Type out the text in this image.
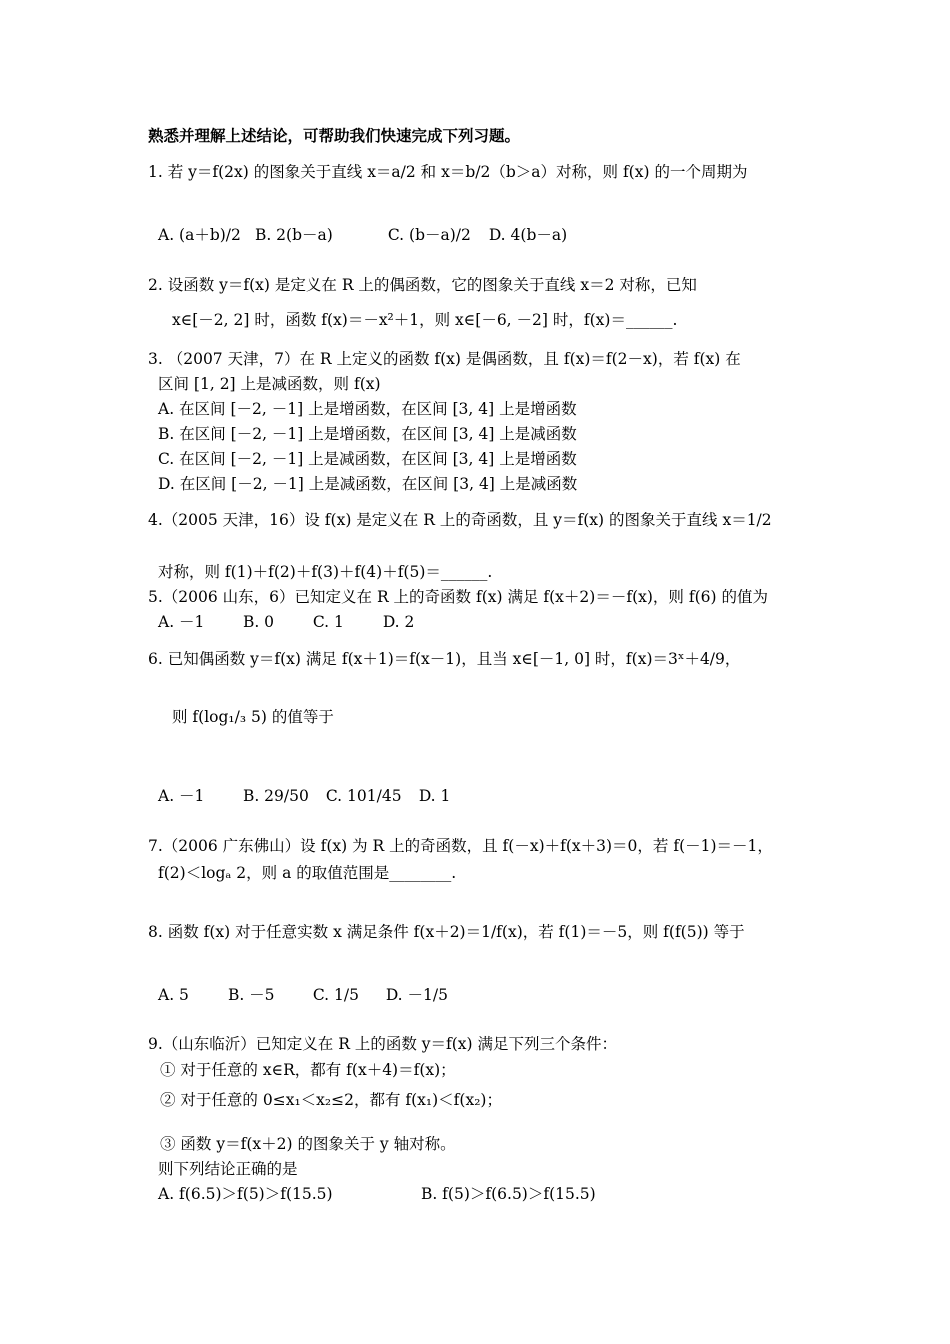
熟悉并理解上述结论，可帮助我们快速完成下列习题。
1. 若 y＝f(2x) 的图象关于直线 x＝a/2 和 x＝b/2（b＞a）对称，则 f(x) 的一个周期为
A. (a＋b)/2 B. 2(b－a)	C. (b－a)/2 D. 4(b－a)
2. 设函数 y＝f(x) 是定义在 R 上的偶函数，它的图象关于直线 x＝2 对称，已知
x∈[－2, 2] 时，函数 f(x)＝－x²＋1，则 x∈[－6, －2] 时，f(x)＝______.
3. （2007 天津，7）在 R 上定义的函数 f(x) 是偶函数，且 f(x)＝f(2－x)，若 f(x) 在
区间 [1, 2] 上是减函数，则 f(x)
A. 在区间 [－2, －1] 上是增函数，在区间 [3, 4] 上是增函数
B. 在区间 [－2, －1] 上是增函数，在区间 [3, 4] 上是减函数
C. 在区间 [－2, －1] 上是减函数，在区间 [3, 4] 上是增函数
D. 在区间 [－2, －1] 上是减函数，在区间 [3, 4] 上是减函数
4.（2005 天津，16）设 f(x) 是定义在 R 上的奇函数，且 y＝f(x) 的图象关于直线 x＝1/2
对称，则 f(1)＋f(2)＋f(3)＋f(4)＋f(5)＝______.
5.（2006 山东，6）已知定义在 R 上的奇函数 f(x) 满足 f(x＋2)＝－f(x)，则 f(6) 的值为
A. －1 B. 0	C. 1	D. 2
6. 已知偶函数 y＝f(x) 满足 f(x＋1)＝f(x－1)，且当 x∈[－1, 0] 时，f(x)＝3ˣ＋4/9，
则 f(log₁/₃ 5) 的值等于
A. －1 B. 29/50 C. 101/45 D. 1
7.（2006 广东佛山）设 f(x) 为 R 上的奇函数，且 f(－x)＋f(x＋3)＝0，若 f(－1)＝－1，
f(2)＜logₐ 2，则 a 的取值范围是________.
8. 函数 f(x) 对于任意实数 x 满足条件 f(x＋2)＝1/f(x)，若 f(1)＝－5，则 f(f(5)) 等于
A. 5	B. －5 C. 1/5 D. －1/5
9.（山东临沂）已知定义在 R 上的函数 y＝f(x) 满足下列三个条件：
① 对于任意的 x∈R，都有 f(x＋4)＝f(x)；
② 对于任意的 0≤x₁＜x₂≤2，都有 f(x₁)＜f(x₂)；
③ 函数 y＝f(x＋2) 的图象关于 y 轴对称。
则下列结论正确的是
A. f(6.5)＞f(5)＞f(15.5)	B. f(5)＞f(6.5)＞f(15.5)
